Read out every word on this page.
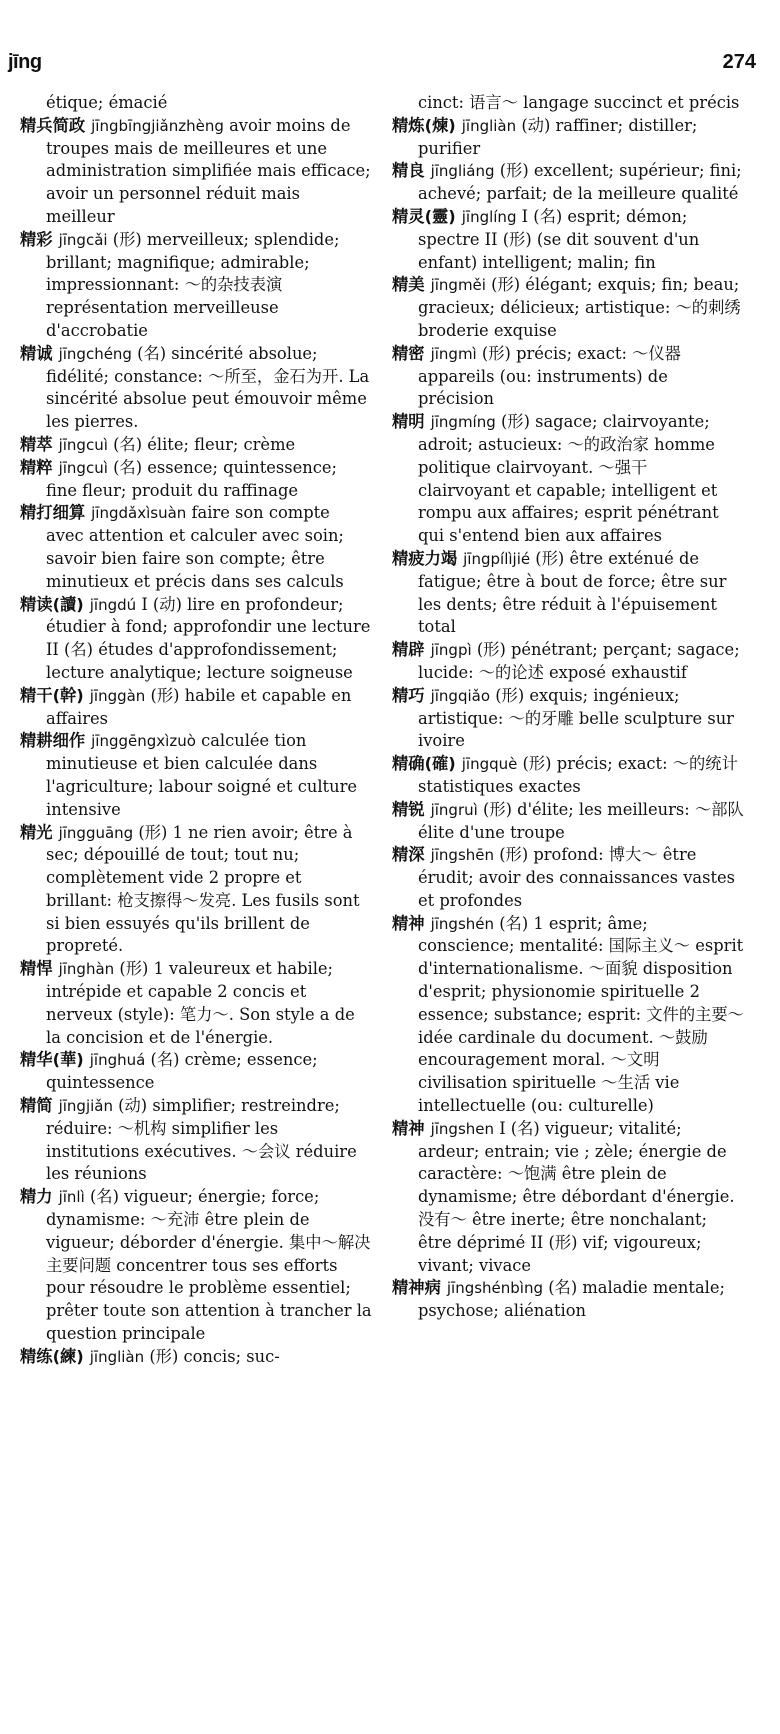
jīng	274

étique; émacié

精兵简政 jīngbīngjiǎnzhèng avoir moins de troupes mais de meilleures et une administration simplifiée mais efficace; avoir un personnel réduit mais meilleur

精彩 jīngcǎi (形) merveilleux; splendide; brillant; magnifique; admirable; impressionnant: ～的杂技表演 représentation merveilleuse d'accrobatie

精诚 jīngchéng (名) sincérité absolue; fidélité; constance: ～所至，金石为开. La sincérité absolue peut émouvoir même les pierres.

精萃 jīngcuì (名) élite; fleur; crème

精粹 jīngcuì (名) essence; quintessence; fine fleur; produit du raffinage

精打细算 jīngdǎxìsuàn faire son compte avec attention et calculer avec soin; savoir bien faire son compte; être minutieux et précis dans ses calculs

精读(讀) jīngdú I (动) lire en profondeur; étudier à fond; approfondir une lecture II (名) études d'approfondissement; lecture analytique; lecture soigneuse

精干(幹) jīnggàn (形) habile et capable en affaires

精耕细作 jīnggēngxìzuò calculée tion minutieuse et bien calculée dans l'agriculture; labour soigné et culture intensive

精光 jīngguāng (形) 1 ne rien avoir; être à sec; dépouillé de tout; tout nu; complètement vide 2 propre et brillant: 枪支擦得～发亮. Les fusils sont si bien essuyés qu'ils brillent de propreté.

精悍 jīnghàn (形) 1 valeureux et habile; intrépide et capable 2 concis et nerveux (style): 笔力～. Son style a de la concision et de l'énergie.

精华(華) jīnghuá (名) crème; essence; quintessence

精简 jīngjiǎn (动) simplifier; restreindre; réduire: ～机构 simplifier les institutions exécutives. ～会议 réduire les réunions

精力 jīnlì (名) vigueur; énergie; force; dynamisme: ～充沛 être plein de vigueur; déborder d'énergie. 集中～解决主要问题 concentrer tous ses efforts pour résoudre le problème essentiel; prêter toute son attention à trancher la question principale

精练(練) jīngliàn (形) concis; suc-

cinct: 语言～ langage succinct et précis

精炼(煉) jīngliàn (动) raffiner; distiller; purifier

精良 jīngliáng (形) excellent; supérieur; fini; achevé; parfait; de la meilleure qualité

精灵(靈) jīnglíng I (名) esprit; démon; spectre II (形) (se dit souvent d'un enfant) intelligent; malin; fin

精美 jīngměi (形) élégant; exquis; fin; beau; gracieux; délicieux; artistique: ～的刺绣 broderie exquise

精密 jīngmì (形) précis; exact: ～仪器 appareils (ou: instruments) de précision

精明 jīngmíng (形) sagace; clairvoyante; adroit; astucieux: ～的政治家 homme politique clairvoyant. ～强干 clairvoyant et capable; intelligent et rompu aux affaires; esprit pénétrant qui s'entend bien aux affaires

精疲力竭 jīngpílìjié (形) être exténué de fatigue; être à bout de force; être sur les dents; être réduit à l'épuisement total

精辟 jīngpì (形) pénétrant; perçant; sagace; lucide: ～的论述 exposé exhaustif

精巧 jīngqiǎo (形) exquis; ingénieux; artistique: ～的牙雕 belle sculpture sur ivoire

精确(確) jīngquè (形) précis; exact: ～的统计 statistiques exactes

精锐 jīngruì (形) d'élite; les meilleurs: ～部队 élite d'une troupe

精深 jīngshēn (形) profond: 博大～ être érudit; avoir des connaissances vastes et profondes

精神 jīngshén (名) 1 esprit; âme; conscience; mentalité: 国际主义～ esprit d'internationalisme. ～面貌 disposition d'esprit; physionomie spirituelle 2 essence; substance; esprit: 文件的主要～ idée cardinale du document. ～鼓励 encouragement moral. ～文明 civilisation spirituelle ～生活 vie intellectuelle (ou: culturelle)

精神 jīngshen I (名) vigueur; vitalité; ardeur; entrain; vie ; zèle; énergie de caractère: ～饱满 être plein de dynamisme; être débordant d'énergie. 没有～ être inerte; être nonchalant; être déprimé II (形) vif; vigoureux; vivant; vivace

精神病 jīngshénbìng (名) maladie mentale; psychose; aliénation
